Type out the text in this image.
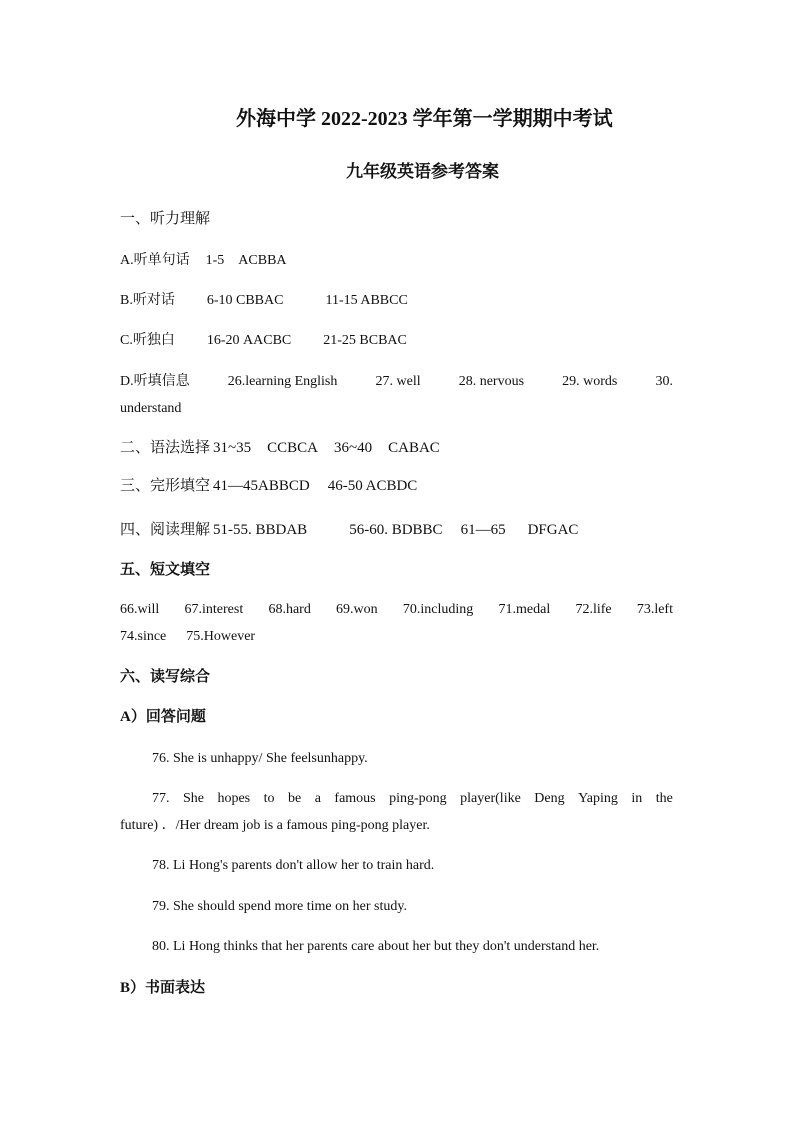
外海中学 2022-2023 学年第一学期期中考试
九年级英语参考答案
一、听力理解
A.听单句话 1-5 ACBBA
B.听对话 6-10 CBBAC	11-15 ABBCC
C.听独白 16-20 AACBC 21-25 BCBAC
D.听填信息	26.learning English	27. well	28. nervous	29. words	30.
understand
二、语法选择 31~35 CCBCA 36~40 CABAC
三、完形填空 41—45ABBCD 46-50 ACBDC
四、阅读理解 51-55. BBDAB	56-60. BDBBC 61—65 DFGAC
五、短文填空
66.will 67.interest 68.hard 69.won 70.including 71.medal 72.life 73.left
74.since 75.However
六、读写综合
A）回答问题
76. She is unhappy/ She feelsunhappy.
77. She hopes to be a famous ping-pong player(like Deng Yaping in the
future) ．/Her dream job is a famous ping-pong player.
78. Li Hong's parents don't allow her to train hard.
79. She should spend more time on her study.
80. Li Hong thinks that her parents care about her but they don't understand her.
B）书面表达
